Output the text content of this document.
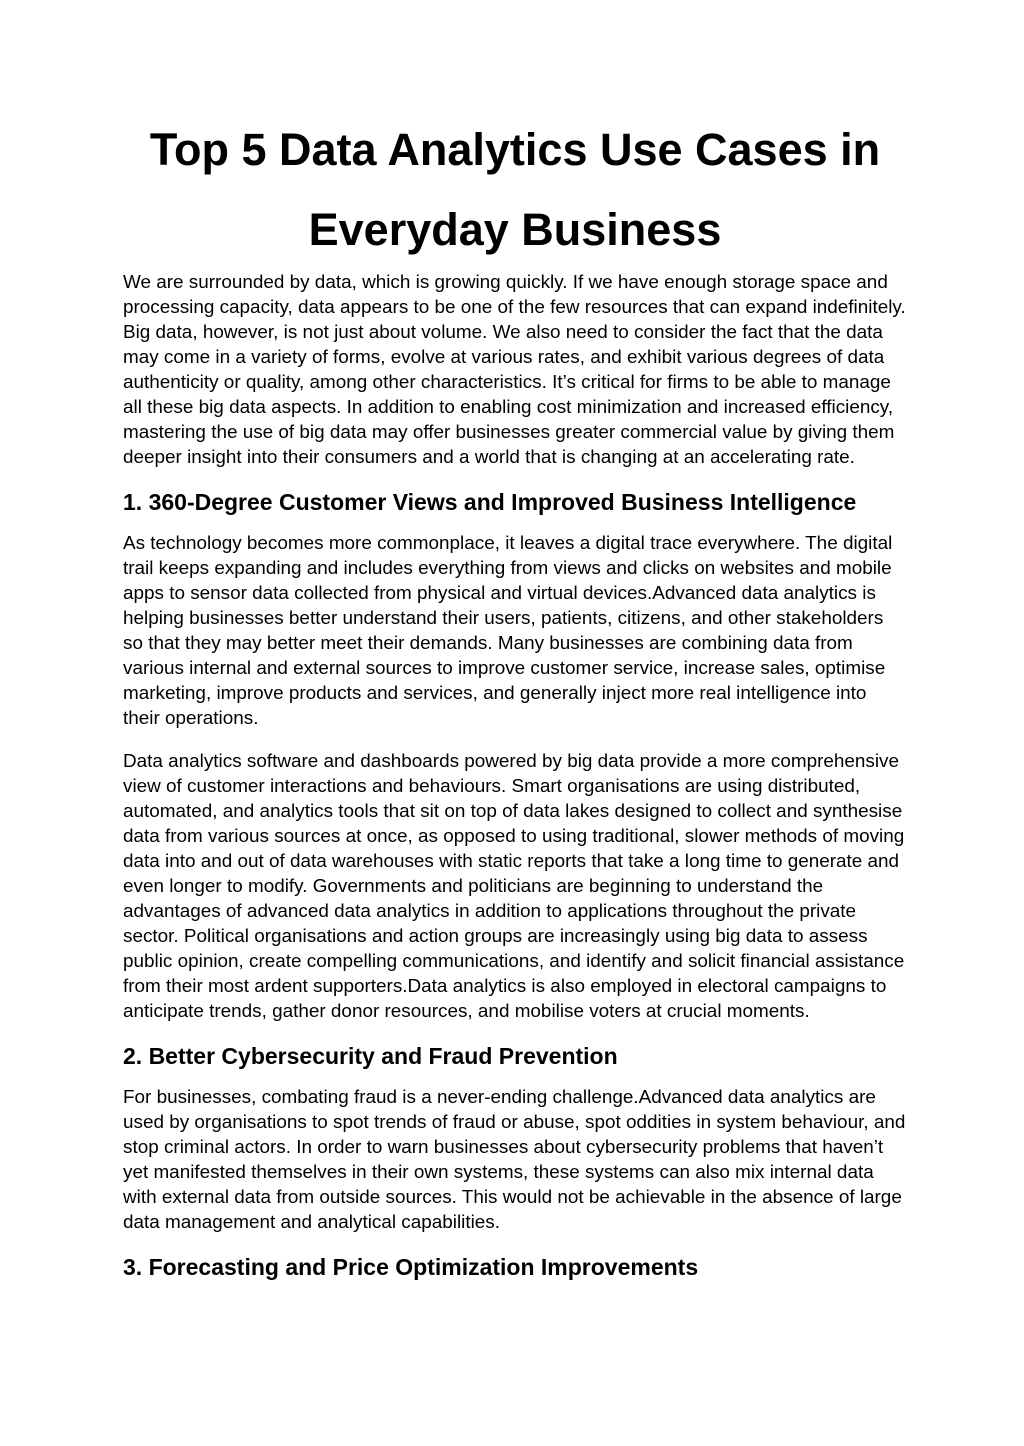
Top 5 Data Analytics Use Cases in Everyday Business

We are surrounded by data, which is growing quickly. If we have enough storage space and processing capacity, data appears to be one of the few resources that can expand indefinitely. Big data, however, is not just about volume. We also need to consider the fact that the data may come in a variety of forms, evolve at various rates, and exhibit various degrees of data authenticity or quality, among other characteristics. It’s critical for firms to be able to manage all these big data aspects. In addition to enabling cost minimization and increased efficiency, mastering the use of big data may offer businesses greater commercial value by giving them deeper insight into their consumers and a world that is changing at an accelerating rate.

1. 360-Degree Customer Views and Improved Business Intelligence

As technology becomes more commonplace, it leaves a digital trace everywhere. The digital trail keeps expanding and includes everything from views and clicks on websites and mobile apps to sensor data collected from physical and virtual devices.Advanced data analytics is helping businesses better understand their users, patients, citizens, and other stakeholders so that they may better meet their demands. Many businesses are combining data from various internal and external sources to improve customer service, increase sales, optimise marketing, improve products and services, and generally inject more real intelligence into their operations.

Data analytics software and dashboards powered by big data provide a more comprehensive view of customer interactions and behaviours. Smart organisations are using distributed, automated, and analytics tools that sit on top of data lakes designed to collect and synthesise data from various sources at once, as opposed to using traditional, slower methods of moving data into and out of data warehouses with static reports that take a long time to generate and even longer to modify. Governments and politicians are beginning to understand the advantages of advanced data analytics in addition to applications throughout the private sector. Political organisations and action groups are increasingly using big data to assess public opinion, create compelling communications, and identify and solicit financial assistance from their most ardent supporters.Data analytics is also employed in electoral campaigns to anticipate trends, gather donor resources, and mobilise voters at crucial moments.

2. Better Cybersecurity and Fraud Prevention

For businesses, combating fraud is a never-ending challenge.Advanced data analytics are used by organisations to spot trends of fraud or abuse, spot oddities in system behaviour, and stop criminal actors. In order to warn businesses about cybersecurity problems that haven’t yet manifested themselves in their own systems, these systems can also mix internal data with external data from outside sources. This would not be achievable in the absence of large data management and analytical capabilities.

3. Forecasting and Price Optimization Improvements
